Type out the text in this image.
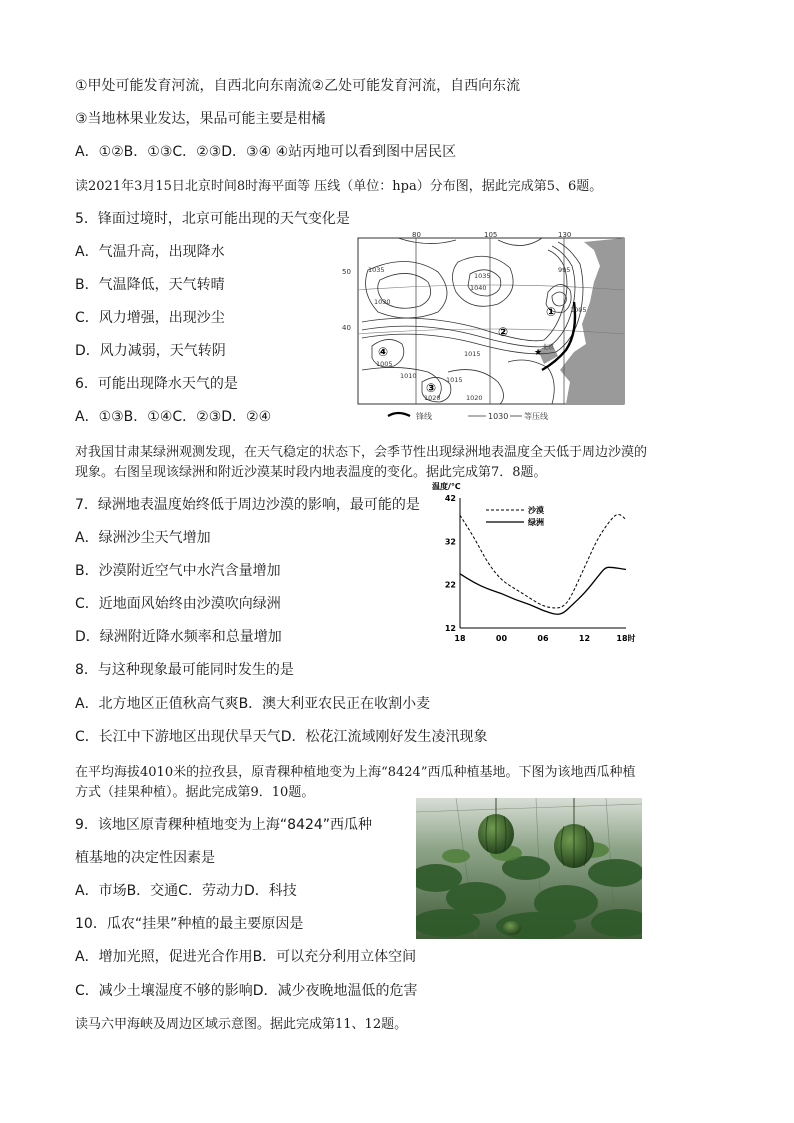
①甲处可能发育河流，自西北向东南流②乙处可能发育河流，自西向东流
③当地林果业发达，果品可能主要是柑橘
A．①②B．①③C．②③D．③④ ④站丙地可以看到图中居民区
读2021年3月15日北京时间8时海平面等 压线（单位：hpa）分布图，据此完成第5、6题。
5．锋面过境时，北京可能出现的天气变化是
A．气温升高，出现降水
B．气温降低，天气转晴
C．风力增强，出现沙尘
D．风力减弱，天气转阴
6．可能出现降水天气的是
A．①③B．①④C．②③D．②④
80	105	130
50
40
1035
1030
1035
1040
1005
1010	1015
1020	1020
1015
1005
995
①
②
③
④	★
北京
锋线	1030 等压线
对我国甘肃某绿洲观测发现，在天气稳定的状态下，会季节性出现绿洲地表温度全天低于周边沙漠的
现象。右图呈现该绿洲和附近沙漠某时段内地表温度的变化。据此完成第7．8题。
7．绿洲地表温度始终低于周边沙漠的影响，最可能的是
A．绿洲沙尘天气增加
B．沙漠附近空气中水汽含量增加
C．近地面风始终由沙漠吹向绿洲
D．绿洲附近降水频率和总量增加
8．与这种现象最可能同时发生的是
A．北方地区正值秋高气爽B．澳大利亚农民正在收割小麦
C．长江中下游地区出现伏旱天气D．松花江流域刚好发生凌汛现象
温度/℃
12
22
32
42
18	00	06	12	18时
沙漠
绿洲
在平均海拔4010米的拉孜县，原青稞种植地变为上海“8424”西瓜种植基地。下图为该地西瓜种植
方式（挂果种植）。据此完成第9．10题。
9．该地区原青稞种植地变为上海“8424”西瓜种
植基地的决定性因素是
A．市场B．交通C．劳动力D．科技
10．瓜农“挂果”种植的最主要原因是
A．增加光照，促进光合作用B．可以充分利用立体空间
C．减少土壤湿度不够的影响D．减少夜晚地温低的危害
读马六甲海峡及周边区域示意图。据此完成第11、12题。
